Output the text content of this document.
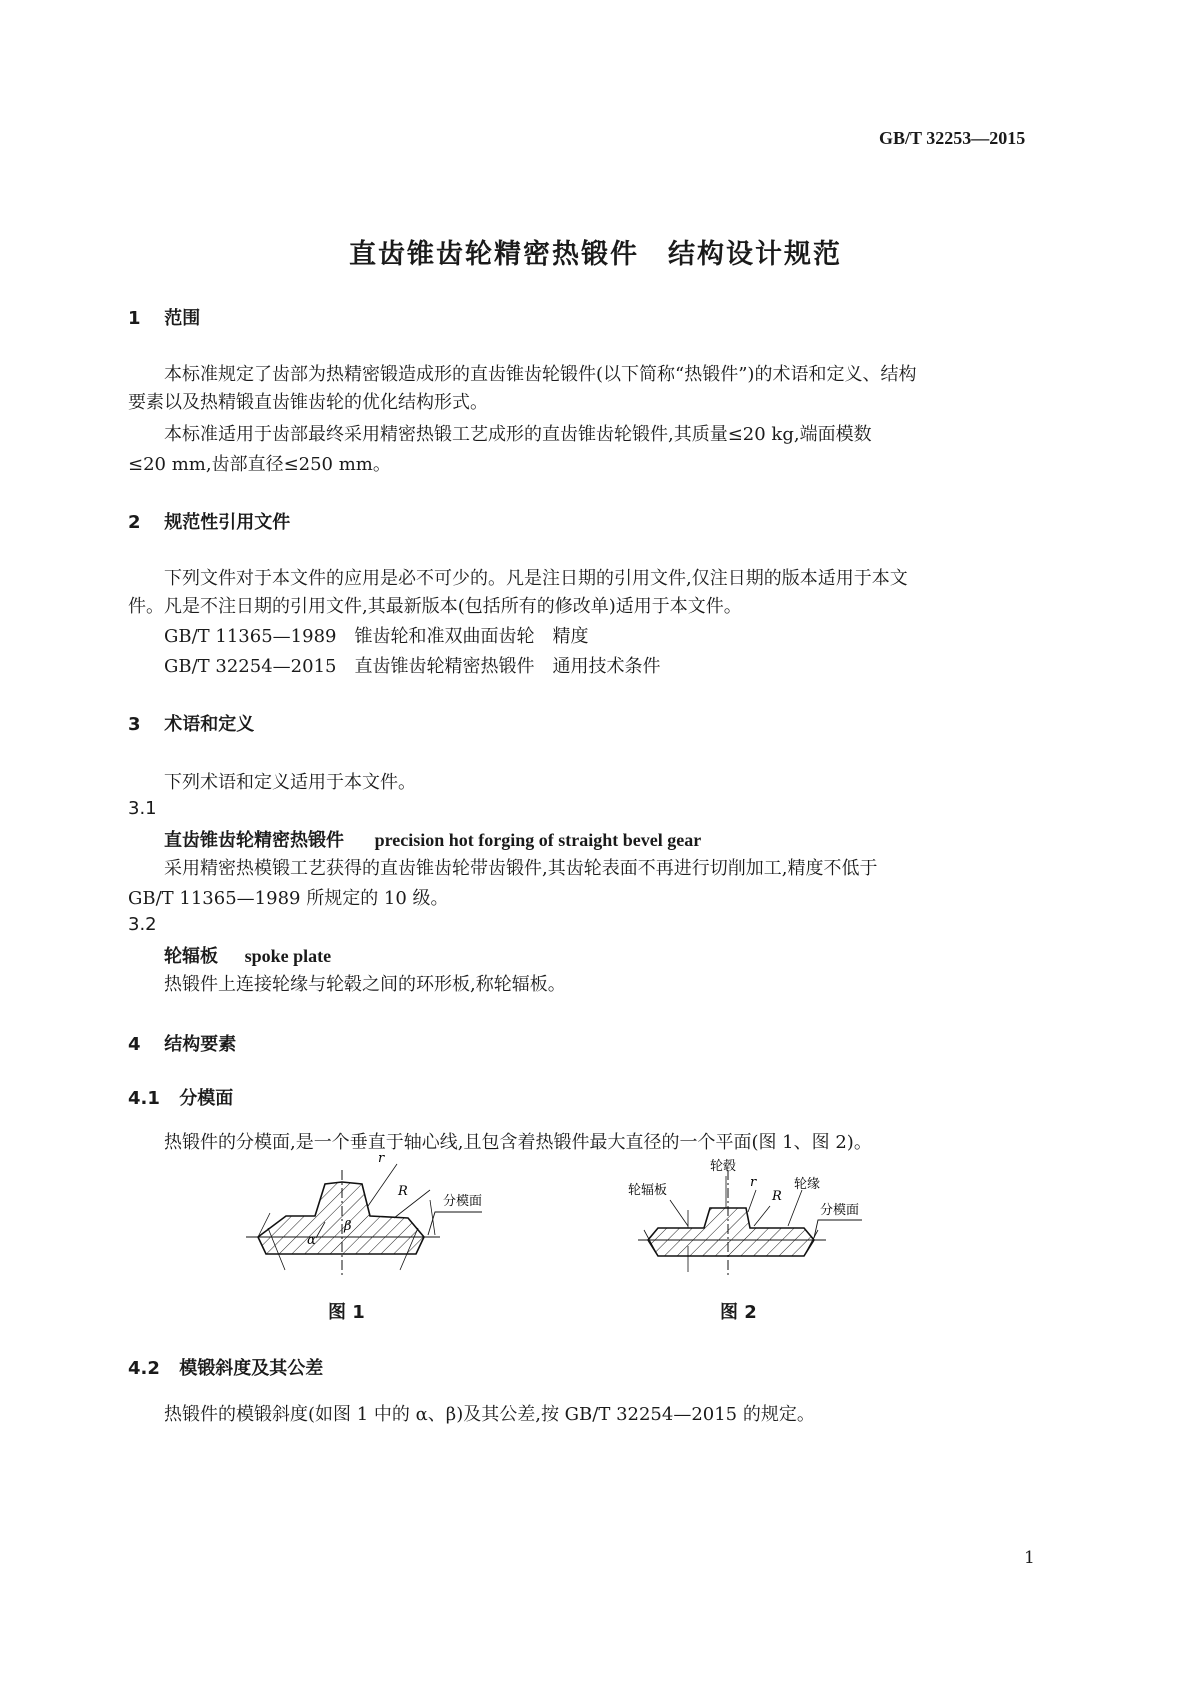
GB/T 32253—2015
直齿锥齿轮精密热锻件　结构设计规范
1 范围
本标准规定了齿部为热精密锻造成形的直齿锥齿轮锻件(以下简称“热锻件”)的术语和定义、结构
要素以及热精锻直齿锥齿轮的优化结构形式。
本标准适用于齿部最终采用精密热锻工艺成形的直齿锥齿轮锻件,其质量≤20 kg,端面模数
≤20 mm,齿部直径≤250 mm。
2 规范性引用文件
下列文件对于本文件的应用是必不可少的。凡是注日期的引用文件,仅注日期的版本适用于本文
件。凡是不注日期的引用文件,其最新版本(包括所有的修改单)适用于本文件。
GB/T 11365—1989　锥齿轮和准双曲面齿轮　精度
GB/T 32254—2015　直齿锥齿轮精密热锻件　通用技术条件
3 术语和定义
下列术语和定义适用于本文件。
3.1
直齿锥齿轮精密热锻件 precision hot forging of straight bevel gear
采用精密热模锻工艺获得的直齿锥齿轮带齿锻件,其齿轮表面不再进行切削加工,精度不低于
GB/T 11365—1989 所规定的 10 级。
3.2
轮辐板 spoke plate
热锻件上连接轮缘与轮毂之间的环形板,称轮辐板。
4 结构要素
4.1 分模面
热锻件的分模面,是一个垂直于轴心线,且包含着热锻件最大直径的一个平面(图 1、图 2)。
r
R
α
β
分模面
图 1
轮毂
轮辐板	轮缘
分模面
r
R
图 2
4.2 模锻斜度及其公差
热锻件的模锻斜度(如图 1 中的 α、β)及其公差,按 GB/T 32254—2015 的规定。
1
